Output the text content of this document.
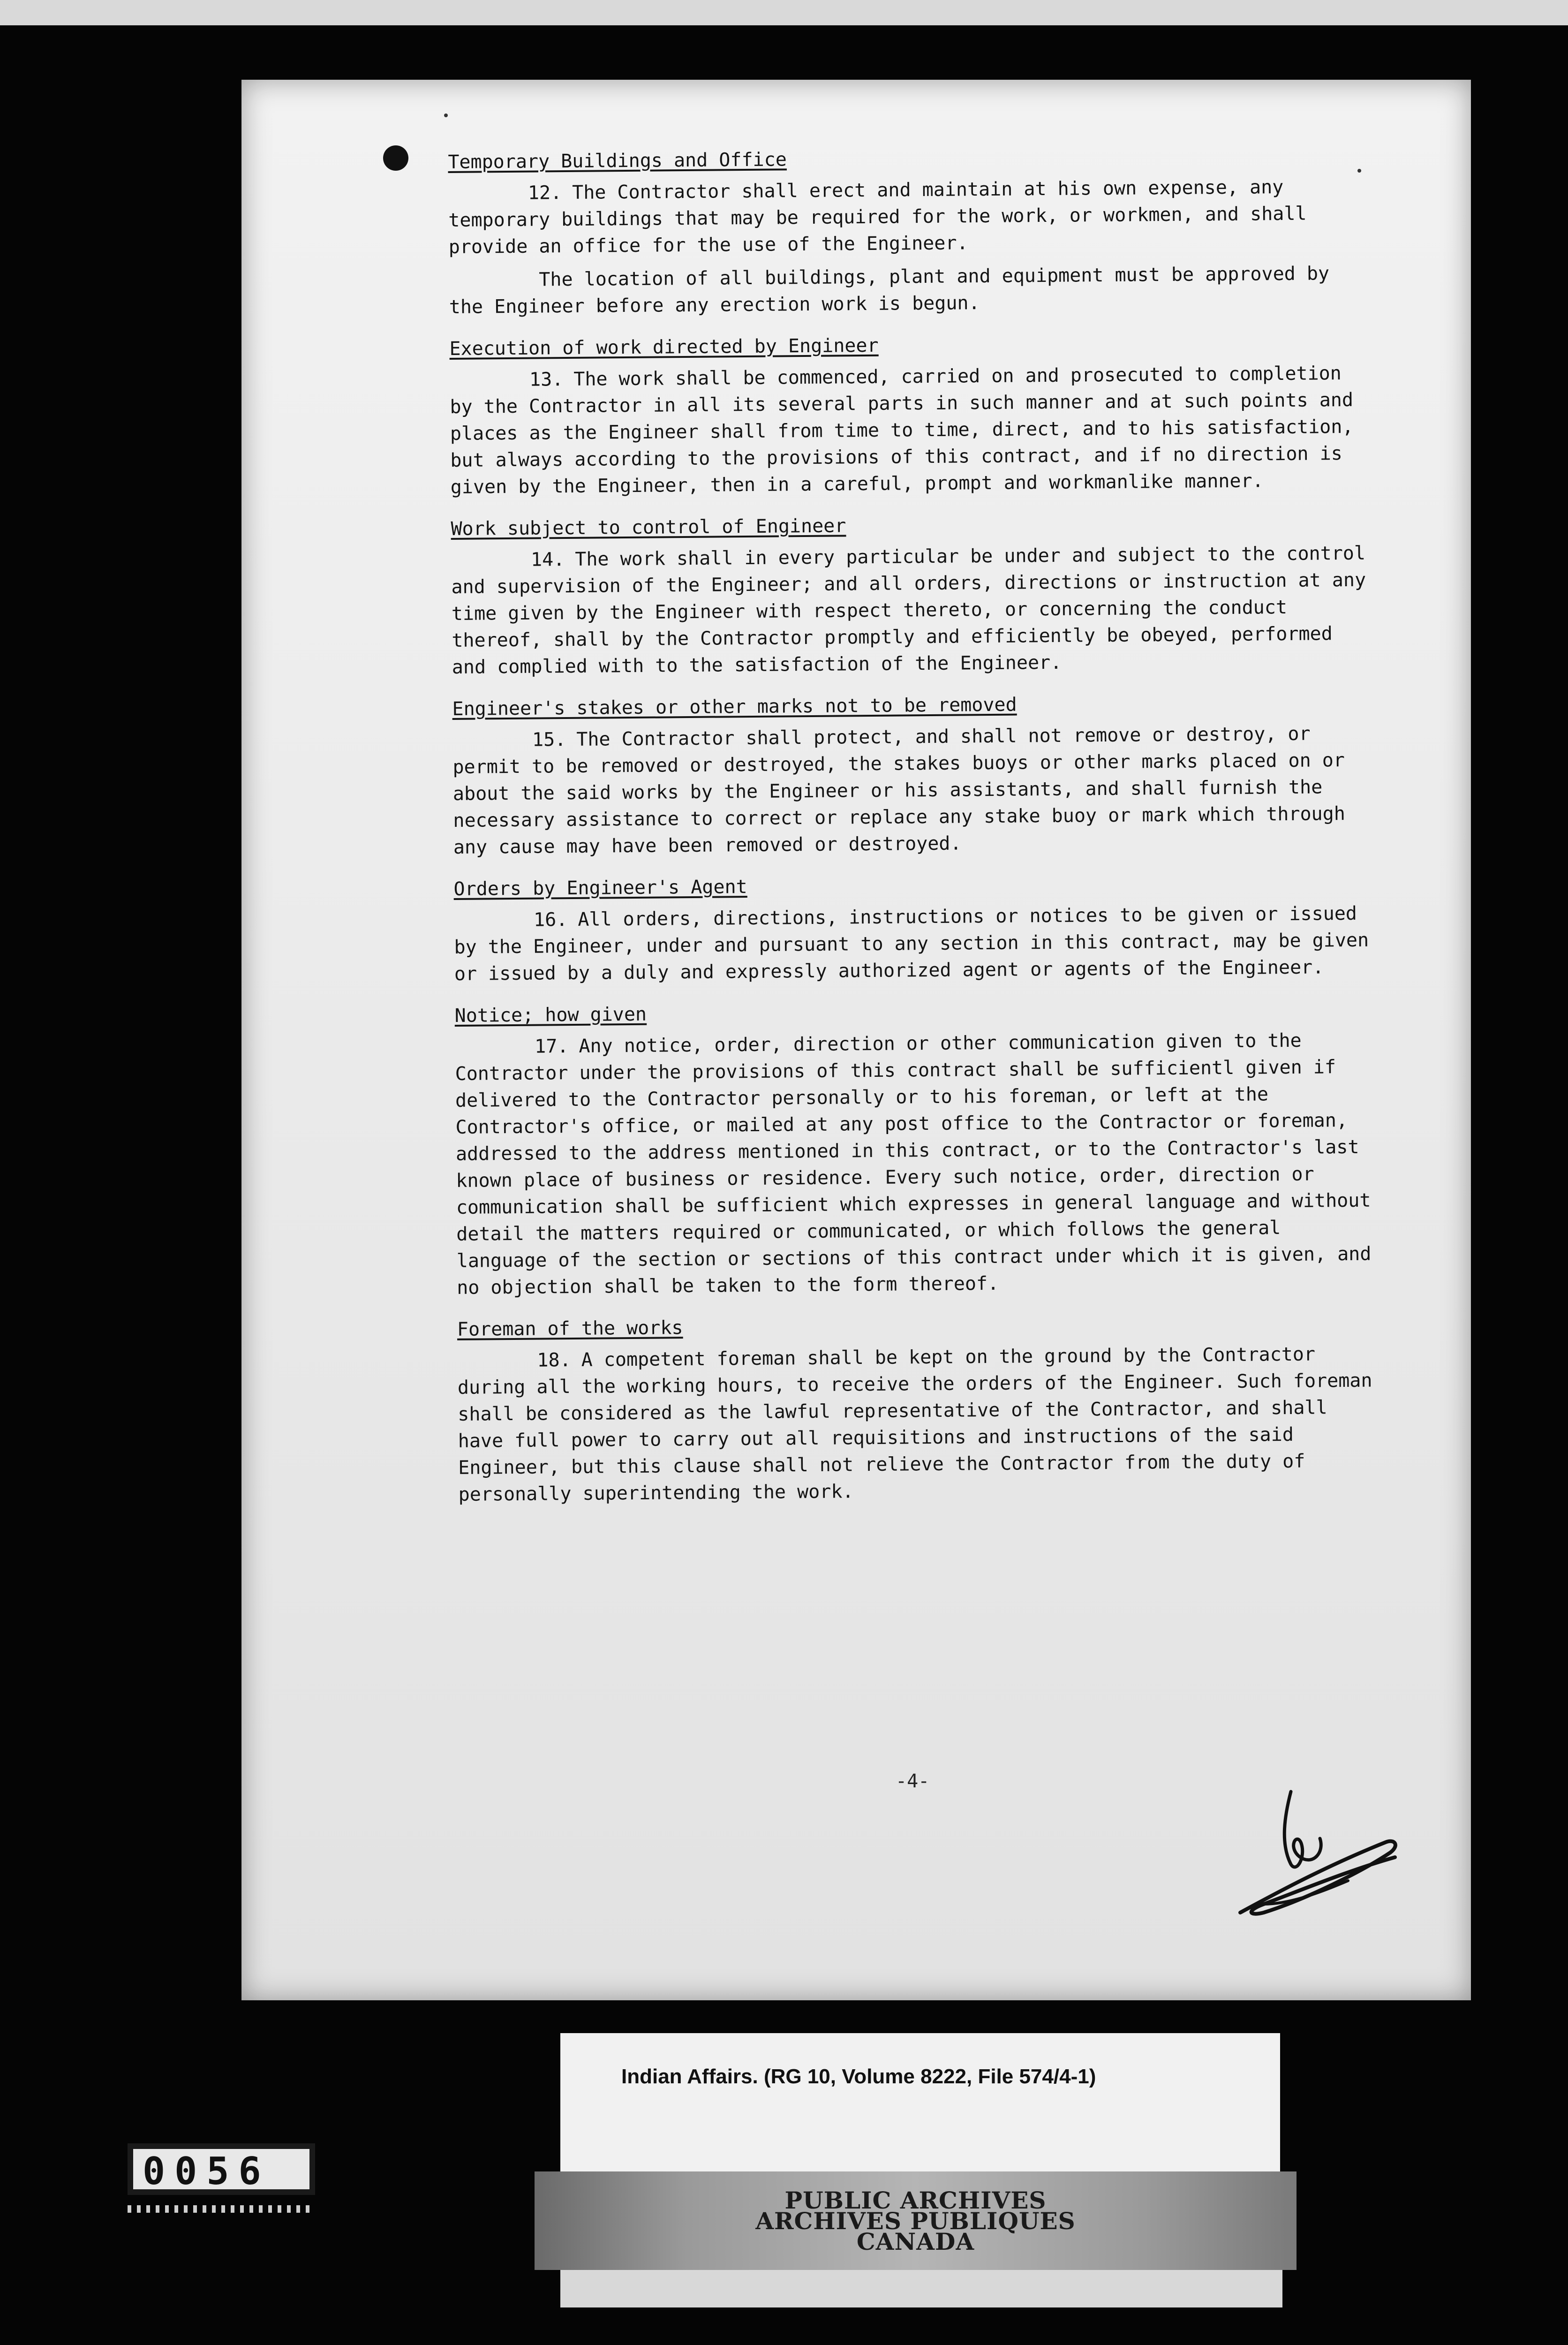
Temporary Buildings and Office

12. The Contractor shall erect and maintain at his own expense, any temporary buildings that may be required for the work, or workmen, and shall provide an office for the use of the Engineer.

The location of all buildings, plant and equipment must be approved by the Engineer before any erection work is begun.

Execution of work directed by Engineer

13. The work shall be commenced, carried on and prosecuted to completion by the Contractor in all its several parts in such manner and at such points and places as the Engineer shall from time to time, direct, and to his satisfaction, but always according to the provisions of this contract, and if no direction is given by the Engineer, then in a careful, prompt and workmanlike manner.

Work subject to control of Engineer

14. The work shall in every particular be under and subject to the control and supervision of the Engineer; and all orders, directions or instruction at any time given by the Engineer with respect thereto, or concerning the conduct thereof, shall by the Contractor promptly and efficiently be obeyed, performed and complied with to the satisfaction of the Engineer.

Engineer's stakes or other marks not to be removed

15. The Contractor shall protect, and shall not remove or destroy, or permit to be removed or destroyed, the stakes buoys or other marks placed on or about the said works by the Engineer or his assistants, and shall furnish the necessary assistance to correct or replace any stake buoy or mark which through any cause may have been removed or destroyed.

Orders by Engineer's Agent

16. All orders, directions, instructions or notices to be given or issued by the Engineer, under and pursuant to any section in this contract, may be given or issued by a duly and expressly authorized agent or agents of the Engineer.

Notice; how given

17. Any notice, order, direction or other communication given to the Contractor under the provisions of this contract shall be sufficientl given if delivered to the Contractor personally or to his foreman, or left at the Contractor's office, or mailed at any post office to the Contractor or foreman, addressed to the address mentioned in this contract, or to the Contractor's last known place of business or residence. Every such notice, order, direction or communication shall be sufficient which expresses in general language and without detail the matters required or communicated, or which follows the general language of the section or sections of this contract under which it is given, and no objection shall be taken to the form thereof.

Foreman of the works

18. A competent foreman shall be kept on the ground by the Contractor during all the working hours, to receive the orders of the Engineer. Such foreman shall be considered as the lawful representative of the Contractor, and shall have full power to carry out all requisitions and instructions of the said Engineer, but this clause shall not relieve the Contractor from the duty of personally superintending the work.

-4-
0056
Indian Affairs. (RG 10, Volume 8222, File 574/4-1)
PUBLIC ARCHIVES
ARCHIVES PUBLIQUES
CANADA
